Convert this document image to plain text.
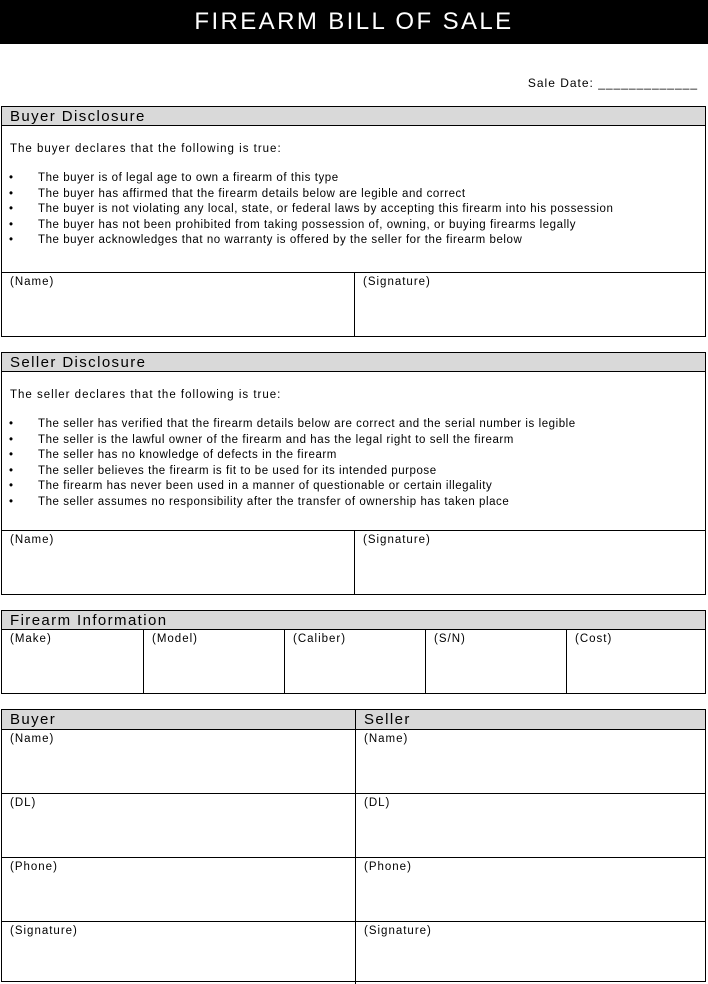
FIREARM BILL OF SALE
Sale Date: _____________
Buyer Disclosure
The buyer declares that the following is true:
• The buyer is of legal age to own a firearm of this type
• The buyer has affirmed that the firearm details below are legible and correct
• The buyer is not violating any local, state, or federal laws by accepting this firearm into his possession
• The buyer has not been prohibited from taking possession of, owning, or buying firearms legally
• The buyer acknowledges that no warranty is offered by the seller for the firearm below
(Name)	(Signature)
Seller Disclosure
The seller declares that the following is true:
• The seller has verified that the firearm details below are correct and the serial number is legible
• The seller is the lawful owner of the firearm and has the legal right to sell the firearm
• The seller has no knowledge of defects in the firearm
• The seller believes the firearm is fit to be used for its intended purpose
• The firearm has never been used in a manner of questionable or certain illegality
• The seller assumes no responsibility after the transfer of ownership has taken place
(Name)	(Signature)
Firearm Information
(Make)	(Model)	(Caliber)	(S/N)	(Cost)
Buyer	Seller
(Name)	(Name)
(DL)	(DL)
(Phone)	(Phone)
(Signature)	(Signature)
